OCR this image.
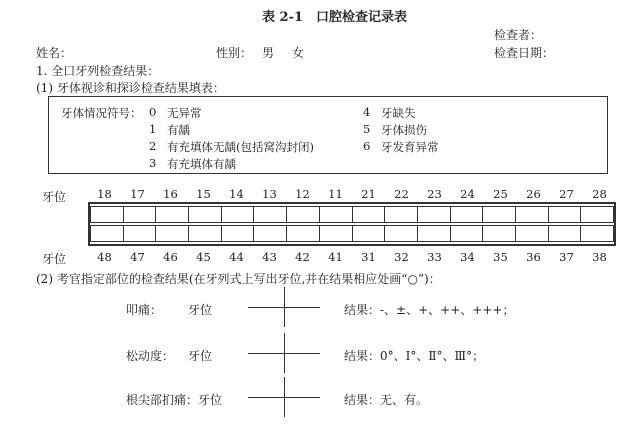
表 2-1　口腔检查记录表
检查者：
姓名：	性别： 男 女	检查日期：
1. 全口牙列检查结果：
(1) 牙体视诊和探诊检查结果填表：
牙体情况符号： 0 无异常
1 有龋
2 有充填体无龋(包括窝沟封闭)
3 有充填体有龋
4 牙缺失
5 牙体损伤
6 牙发育异常
牙位
牙位
18	17	16	15	14	13	12	11	21	22	23	24	25	26	27	28
48	47	46	45	44	43	42	41	31	32	33	34	35	36	37	38
(2) 考官指定部位的检查结果(在牙列式上写出牙位,并在结果相应处画“○”)：
叩痛： 牙位	结果：-、±、+、++、+++；
松动度： 牙位	结果：0°、Ⅰ°、Ⅱ°、Ⅲ°；
根尖部扪痛： 牙位	结果：无、有。
